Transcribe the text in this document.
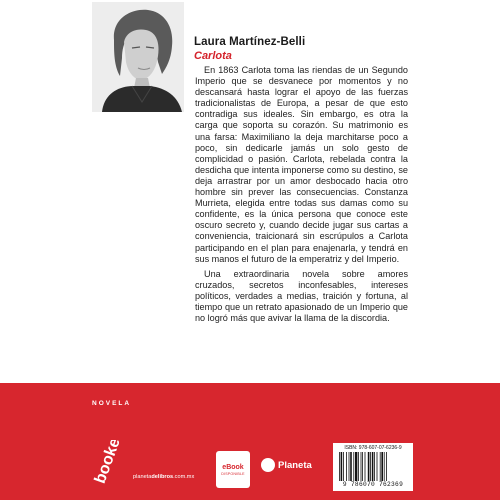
Laura Martínez-Belli
Carlota

En 1863 Carlota toma las riendas de un Segundo Imperio que se desvanece por momentos y no descansará hasta lograr el apoyo de las fuerzas tradicionalistas de Europa, a pesar de que esto contradiga sus ideales. Sin embargo, es otra la carga que soporta su corazón. Su matrimonio es una farsa: Maximiliano la deja marchitarse poco a poco, sin dedicarle jamás un solo gesto de complicidad o pasión. Carlota, rebelada contra la desdicha que intenta imponerse como su destino, se deja arrastrar por un amor desbocado hacia otro hombre sin prever las consecuencias. Constanza Murrieta, elegida entre todas sus damas como su confidente, es la única persona que conoce este oscuro secreto y, cuando decide jugar sus cartas a conveniencia, traicionará sin escrúpulos a Carlota participando en el plan para enajenarla, y tendrá en sus manos el futuro de la emperatriz y del Imperio.

Una extraordinaria novela sobre amores cruzados, secretos inconfesables, intereses políticos, verdades a medias, traición y fortuna, al tiempo que un retrato apasionado de un Imperio que no logró más que avivar la llama de la discordia.

NOVELA
booket planetadelibros.com.mx
eBook
DISPONIBLE
Planeta
ISBN: 978-607-07-6236-9
9 786070 762369
